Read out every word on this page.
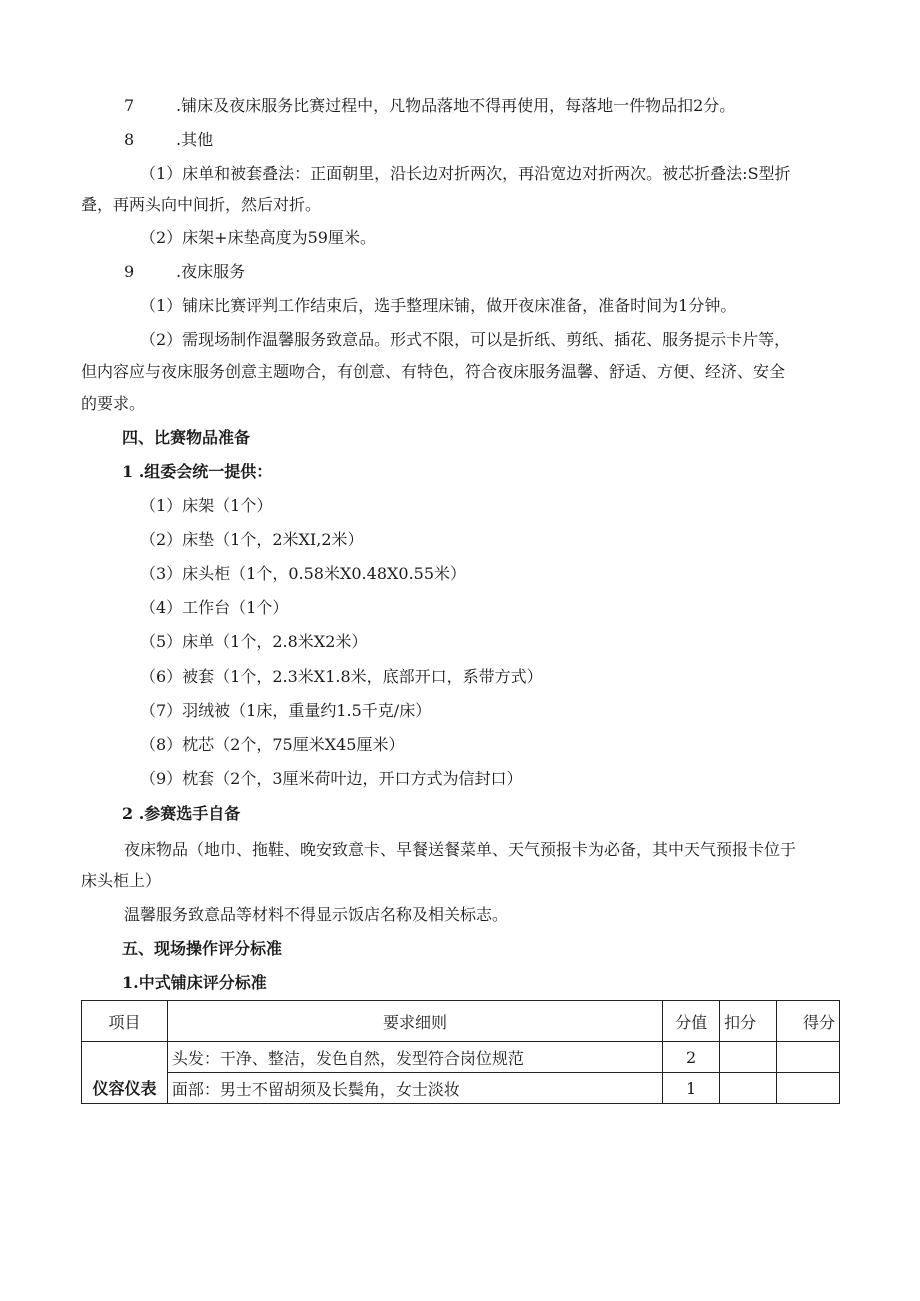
7	.铺床及夜床服务比赛过程中，凡物品落地不得再使用，每落地一件物品扣2分。
8	.其他
（1）床单和被套叠法：正面朝里，沿长边对折两次，再沿宽边对折两次。被芯折叠法:S型折
叠，再两头向中间折，然后对折。
（2）床架+床垫高度为59厘米。
9	.夜床服务
（1）铺床比赛评判工作结束后，选手整理床铺，做开夜床准备，准备时间为1分钟。
（2）需现场制作温馨服务致意品。形式不限，可以是折纸、剪纸、插花、服务提示卡片等，
但内容应与夜床服务创意主题吻合，有创意、有特色，符合夜床服务温馨、舒适、方便、经济、安全
的要求。
四、比赛物品准备
1 .组委会统一提供：
（1）床架（1个）
（2）床垫（1个，2米XI,2米）
（3）床头柜（1个，0.58米X0.48X0.55米）
（4）工作台（1个）
（5）床单（1个，2.8米X2米）
（6）被套（1个，2.3米X1.8米，底部开口，系带方式）
（7）羽绒被（1床，重量约1.5千克/床）
（8）枕芯（2个，75厘米X45厘米）
（9）枕套（2个，3厘米荷叶边，开口方式为信封口）
2 .参赛选手自备
夜床物品（地巾、拖鞋、晚安致意卡、早餐送餐菜单、天气预报卡为必备，其中天气预报卡位于
床头柜上）
温馨服务致意品等材料不得显示饭店名称及相关标志。
五、现场操作评分标准
1.中式铺床评分标准
项目	要求细则	分值	扣分	得分
仪容仪表	头发：干净、整洁，发色自然，发型符合岗位规范	2		
	面部：男士不留胡须及长鬓角，女士淡妆	1		
